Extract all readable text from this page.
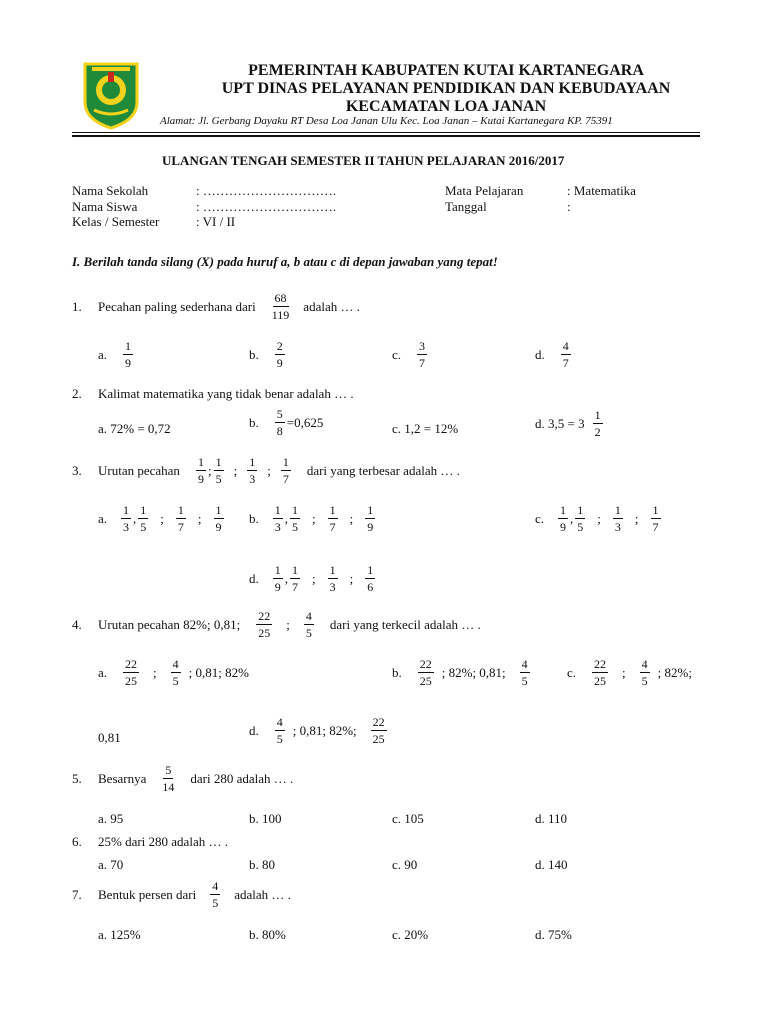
PEMERINTAH KABUPATEN KUTAI KARTANEGARA
UPT DINAS PELAYANAN PENDIDIKAN DAN KEBUDAYAAN
KECAMATAN LOA JANAN
Alamat: Jl. Gerbang Dayaku RT Desa Loa Janan Ulu Kec. Loa Janan – Kutai Kartanegara KP. 75391
ULANGAN TENGAH SEMESTER II TAHUN PELAJARAN 2016/2017
Nama Sekolah	: ………………………….
Nama Siswa	: ………………………….
Kelas / Semester	: VI / II
Mata Pelajaran	: Matematika
Tanggal	:
I. Berilah tanda silang (X) pada huruf a, b atau c di depan jawaban yang tepat!
1.	Pecahan paling sederhana dari
68
119
adalah … .
a.
1
9
b.
2
9
c.
3
7
d.
4
7
2. Kalimat matematika yang tidak benar adalah … .
a. 72% = 0,72	b. $\frac{5}{8} =0,625$	c. 1,2 = 12%	d. 3,5 = 3
1
2
3.	Urutan pecahan
1
9
;
1
5
;
1
3
;
1
7
dari yang terbesar adalah … .
a.
1
3
,
1
5
;
1
7
;
1
9
b.
1
3
,
1
5
;
1
7
;
1
9
c.
1
9
,
1
5
;
1
3
;
1
7
d.
1
9
,
1
7
;
1
3
;
1
6
4.	Urutan pecahan 82%; 0,81;
22
25
;
4
5
dari yang terkecil adalah … .
a.
22
25
;
4
5
; 0,81; 82%	b.
22
25
; 82%; 0,81;
4
5
c.
22
25
;
4
5
; 82%;
0,81	d.
4
5
; 0,81; 82%;
22
25
5.	Besarnya
5
14
dari 280 adalah … .
a. 95	b. 100	c. 105	d. 110
6. 25% dari 280 adalah … .
a. 70	b. 80	c. 90	d. 140
7.	Bentuk persen dari
4
5
adalah … .
a. 125%	b. 80%	c. 20%	d. 75%
